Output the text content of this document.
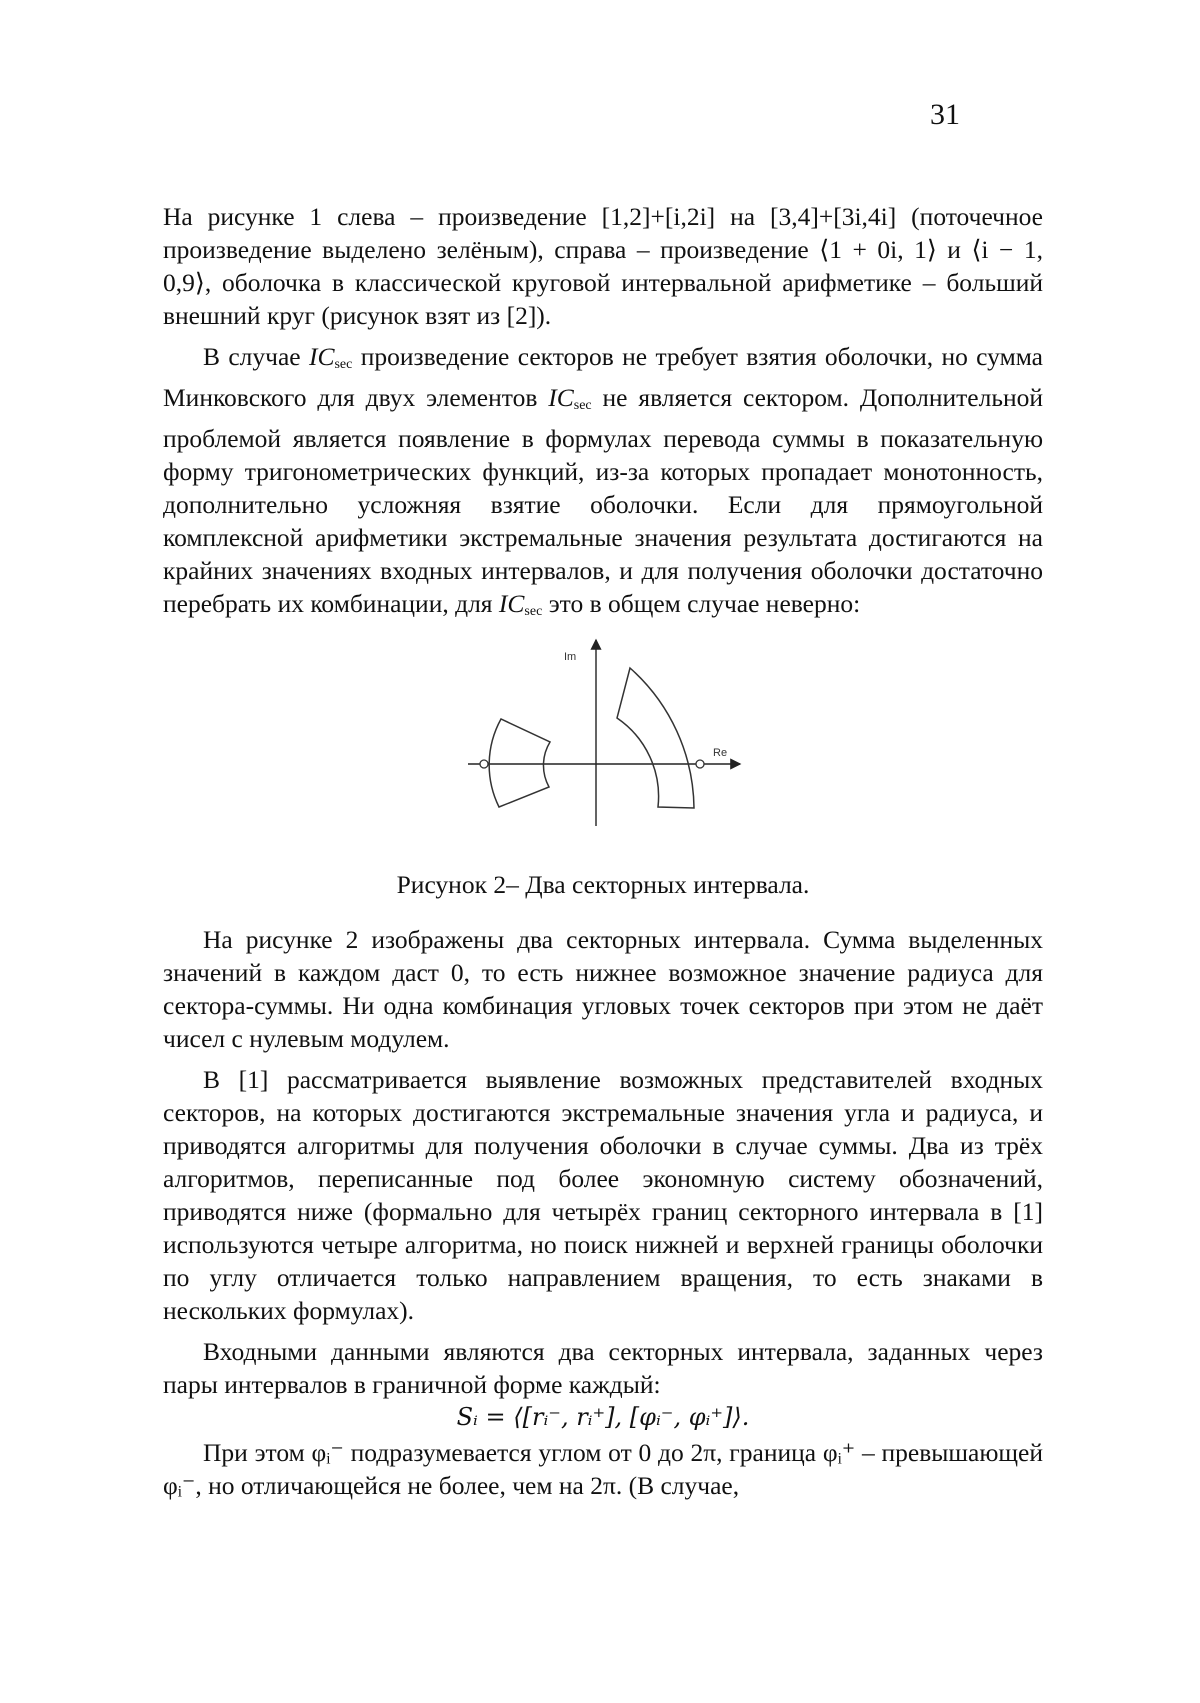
31

На рисунке 1 слева – произведение [1,2]+[i,2i] на [3,4]+[3i,4i] (поточечное произведение выделено зелёным), справа – произведение ⟨1 + 0i, 1⟩ и ⟨i − 1, 0,9⟩, оболочка в классической круговой интервальной арифметике – больший внешний круг (рисунок взят из [2]).

В случае ICsec произведение секторов не требует взятия оболочки, но сумма Минковского для двух элементов ICsec не является сектором. Дополнительной проблемой является появление в формулах перевода суммы в показательную форму тригонометрических функций, из-за которых пропадает монотонность, дополнительно усложняя взятие оболочки. Если для прямоугольной комплексной арифметики экстремальные значения результата достигаются на крайних значениях входных интервалов, и для получения оболочки достаточно перебрать их комбинации, для ICsec это в общем случае неверно:

Im
Re
Рисунок 2– Два секторных интервала.

На рисунке 2 изображены два секторных интервала. Сумма выделенных значений в каждом даст 0, то есть нижнее возможное значение радиуса для сектора-суммы. Ни одна комбинация угловых точек секторов при этом не даёт чисел с нулевым модулем.

В [1] рассматривается выявление возможных представителей входных секторов, на которых достигаются экстремальные значения угла и радиуса, и приводятся алгоритмы для получения оболочки в случае суммы. Два из трёх алгоритмов, переписанные под более экономную систему обозначений, приводятся ниже (формально для четырёх границ секторного интервала в [1] используются четыре алгоритма, но поиск нижней и верхней границы оболочки по углу отличается только направлением вращения, то есть знаками в нескольких формулах).

Входными данными являются два секторных интервала, заданных через пары интервалов в граничной форме каждый:

Sᵢ = ⟨[rᵢ⁻, rᵢ⁺], [φᵢ⁻, φᵢ⁺]⟩.

При этом φᵢ⁻ подразумевается углом от 0 до 2π, граница φᵢ⁺ – превышающей φᵢ⁻, но отличающейся не более, чем на 2π. (В случае,
